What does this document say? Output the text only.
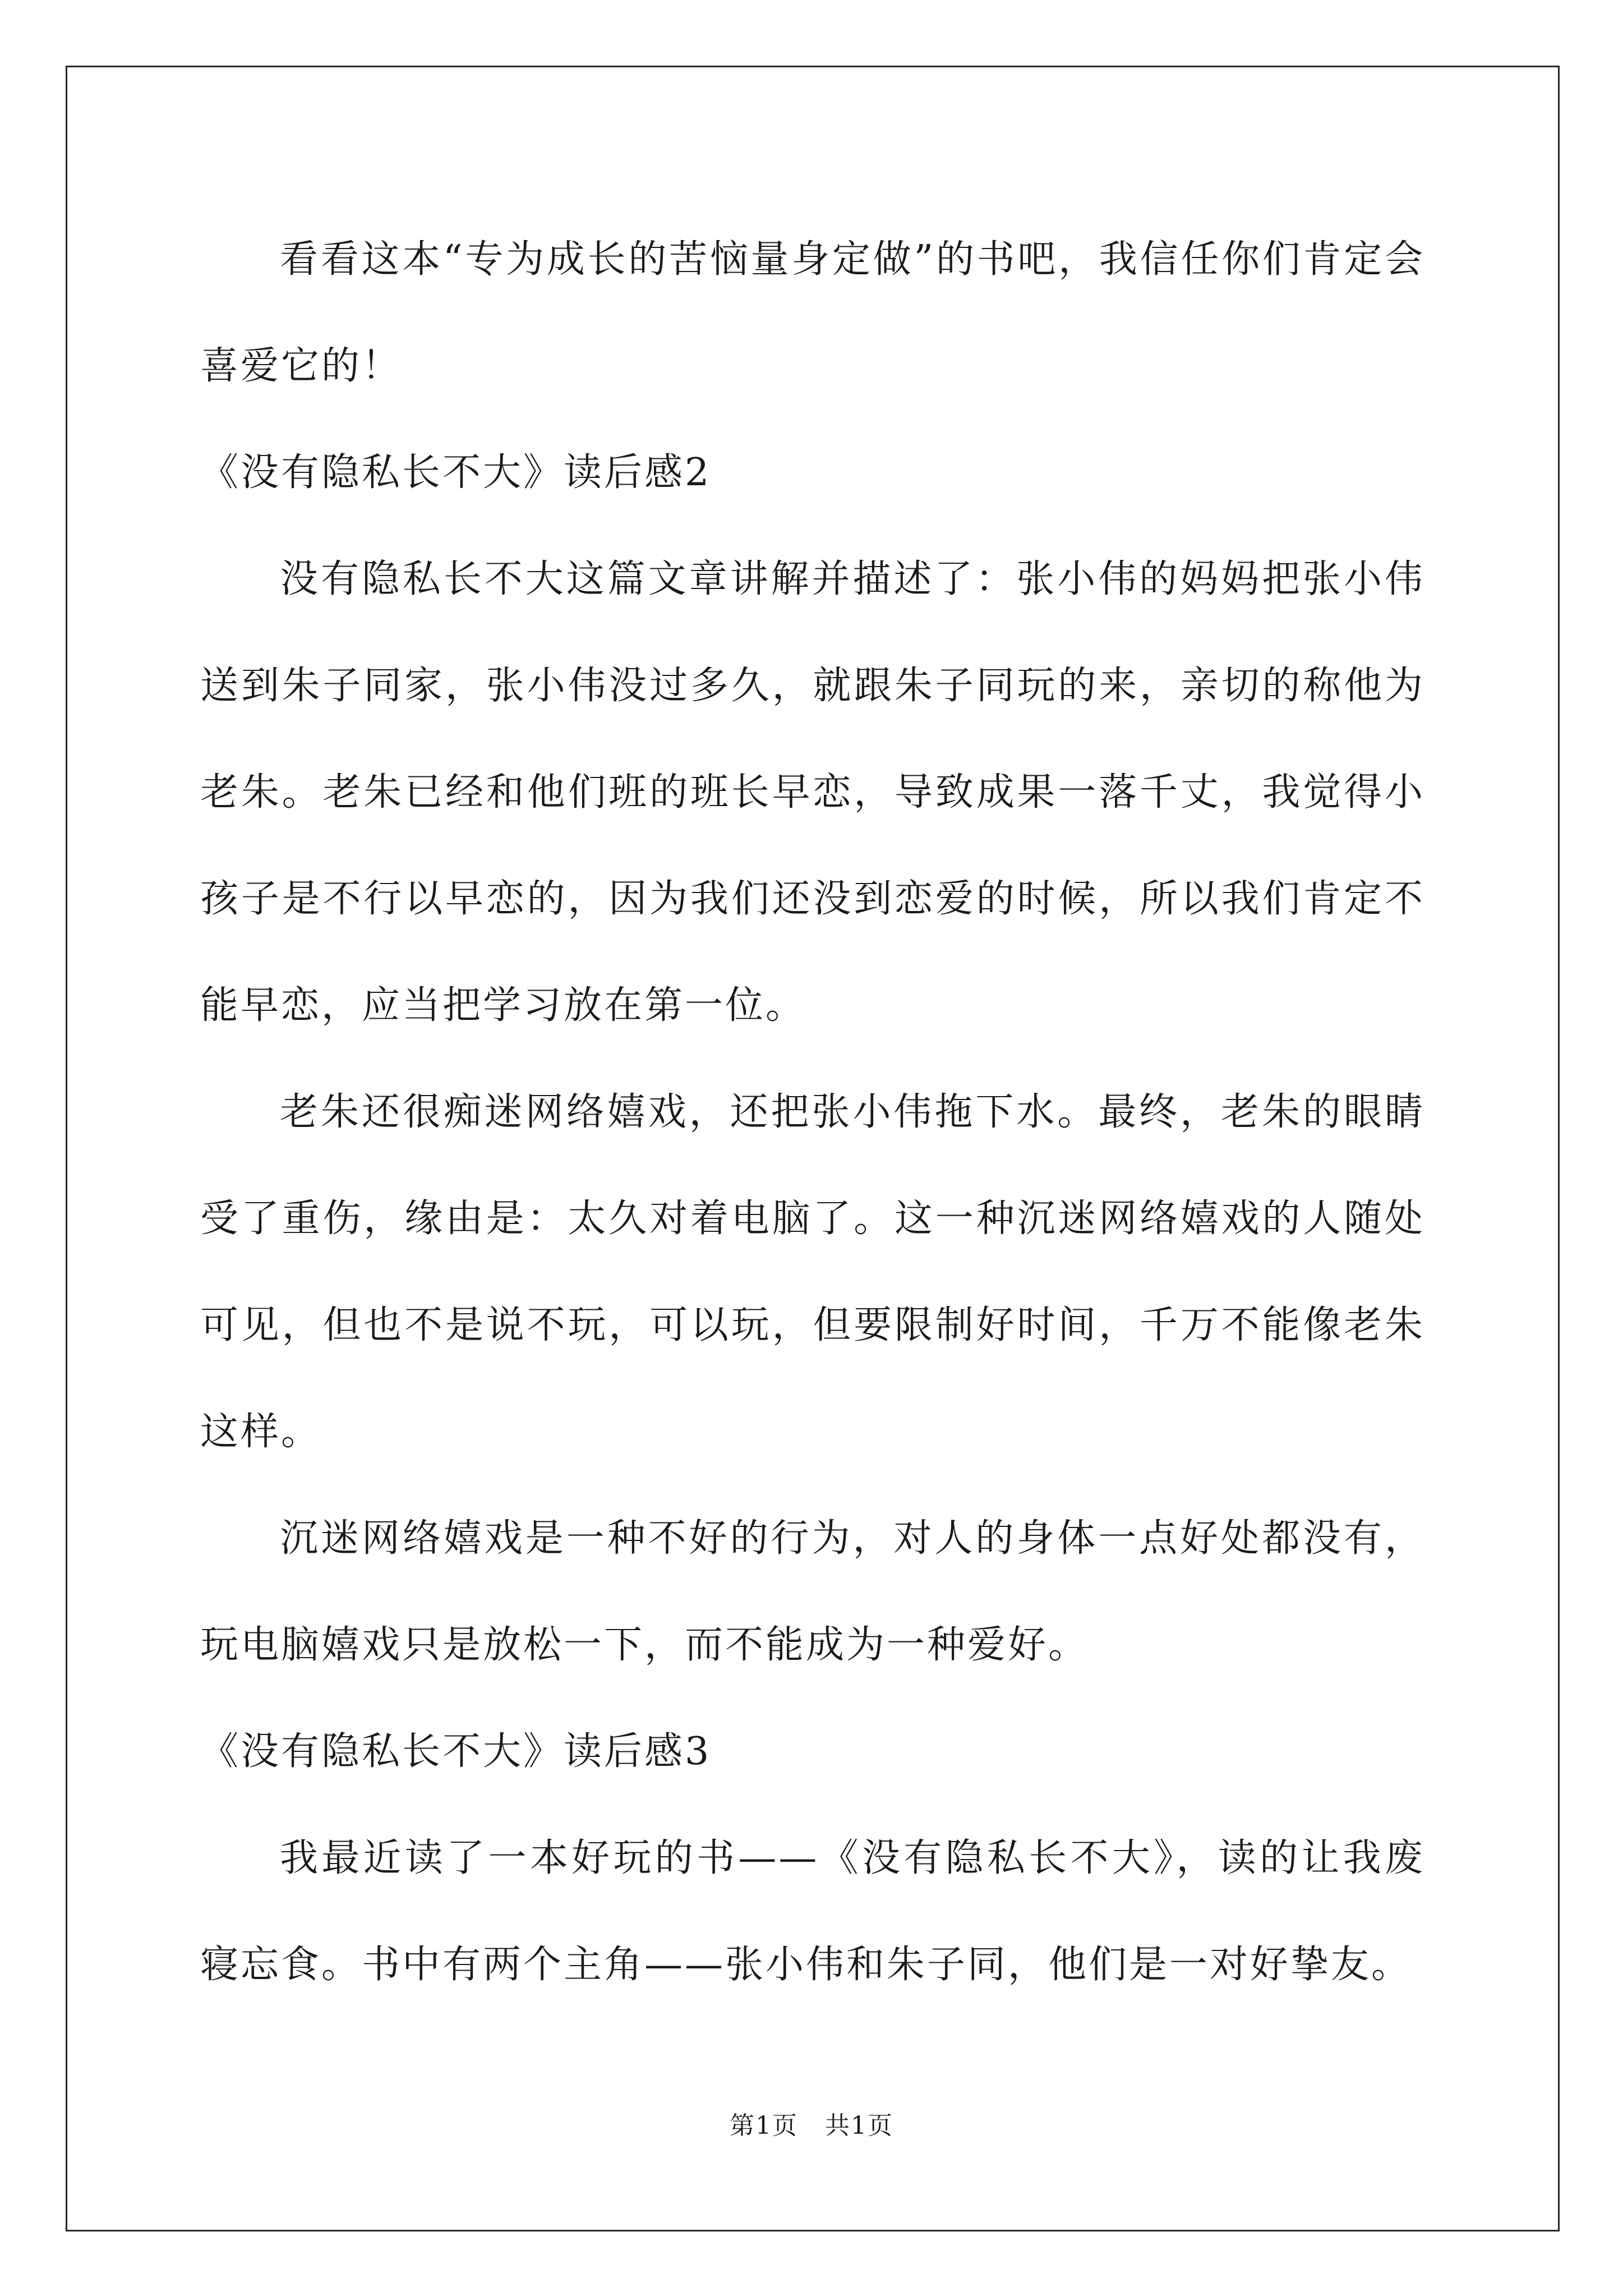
看看这本“专为成长的苦恼量身定做”的书吧，我信任你们肯定会喜爱它的！

《没有隐私长不大》读后感2

没有隐私长不大这篇文章讲解并描述了：张小伟的妈妈把张小伟送到朱子同家，张小伟没过多久，就跟朱子同玩的来，亲切的称他为老朱。老朱已经和他们班的班长早恋，导致成果一落千丈，我觉得小孩子是不行以早恋的，因为我们还没到恋爱的时候，所以我们肯定不能早恋，应当把学习放在第一位。

老朱还很痴迷网络嬉戏，还把张小伟拖下水。最终，老朱的眼睛受了重伤，缘由是：太久对着电脑了。这一种沉迷网络嬉戏的人随处可见，但也不是说不玩，可以玩，但要限制好时间，千万不能像老朱这样。

沉迷网络嬉戏是一种不好的行为，对人的身体一点好处都没有，玩电脑嬉戏只是放松一下，而不能成为一种爱好。

《没有隐私长不大》读后感3

我最近读了一本好玩的书——《没有隐私长不大》，读的让我废寝忘食。书中有两个主角——张小伟和朱子同，他们是一对好挚友。

第1页 共1页
